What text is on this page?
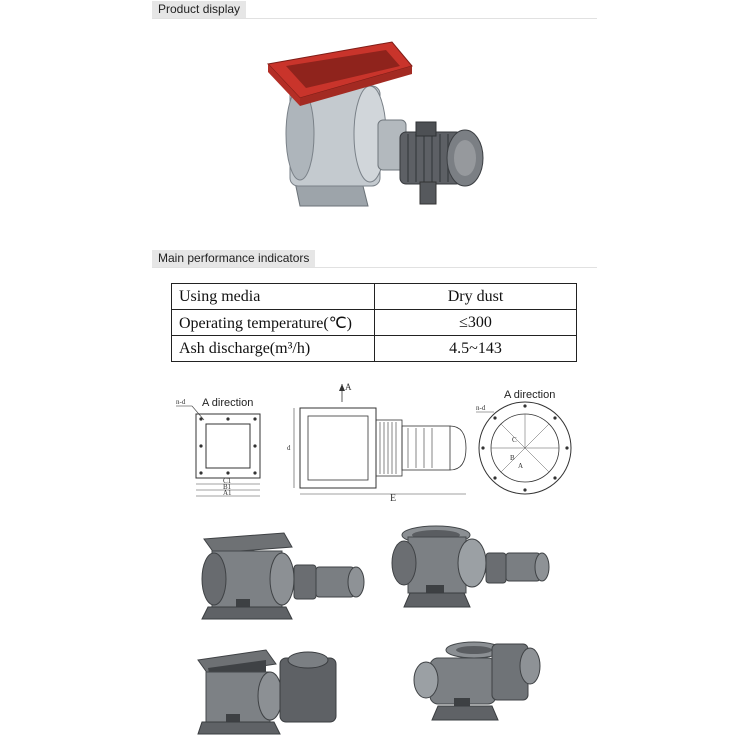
Product display
Main performance indicators
Using media	Dry dust
Operating temperature(℃)	≤300
Ash discharge(m³/h)	4.5~143
n-d A direction
C1
B1
A1
A
d
E
n-d
A direction
C
B
A
